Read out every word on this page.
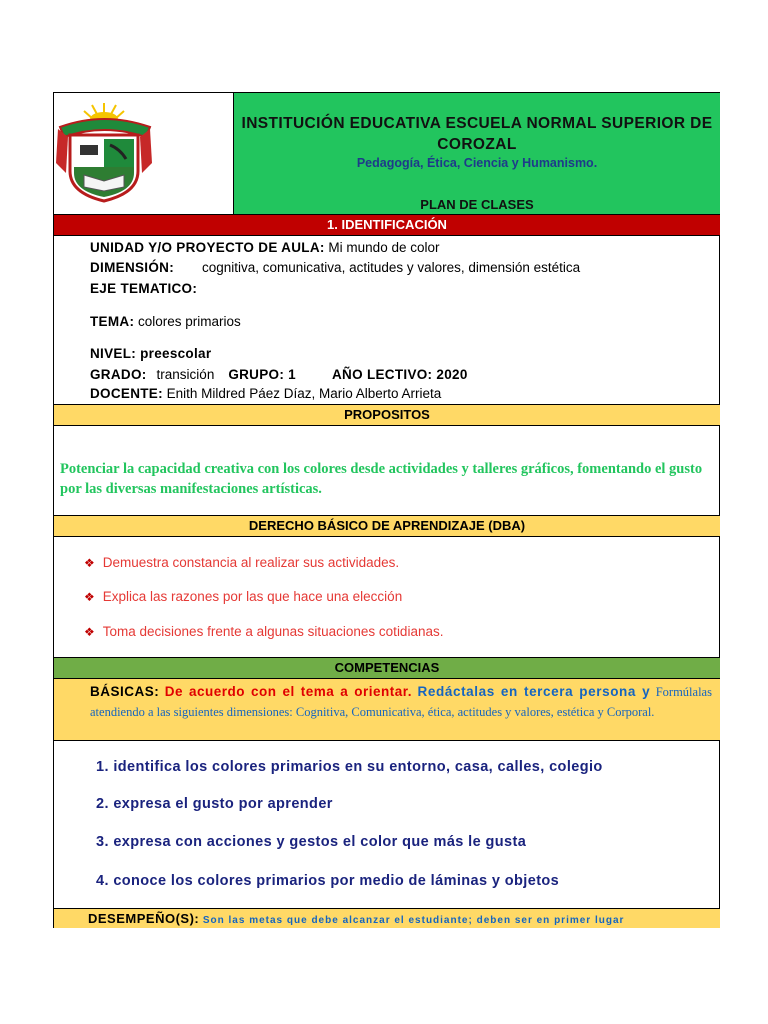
INSTITUCIÓN EDUCATIVA ESCUELA NORMAL SUPERIOR DE COROZAL
Pedagogía, Ética, Ciencia y Humanismo.
PLAN DE CLASES
1. IDENTIFICACIÓN
UNIDAD Y/O PROYECTO DE AULA: Mi mundo de color
DIMENSIÓN: cognitiva, comunicativa, actitudes y valores, dimensión estética
EJE TEMATICO:
TEMA: colores primarios
NIVEL: preescolar
GRADO: transición GRUPO: 1	AÑO LECTIVO: 2020
DOCENTE: Enith Mildred Páez Díaz, Mario Alberto Arrieta
PROPOSITOS
Potenciar la capacidad creativa con los colores desde actividades y talleres gráficos, fomentando el gusto por las diversas manifestaciones artísticas.
DERECHO BÁSICO DE APRENDIZAJE (DBA)
❖ Demuestra constancia al realizar sus actividades.
❖ Explica las razones por las que hace una elección
❖ Toma decisiones frente a algunas situaciones cotidianas.
COMPETENCIAS
BÁSICAS: De acuerdo con el tema a orientar. Redáctalas en tercera persona y Formúlalas atendiendo a las siguientes dimensiones: Cognitiva, Comunicativa, ética, actitudes y valores, estética y Corporal.
1. identifica los colores primarios en su entorno, casa, calles, colegio
2. expresa el gusto por aprender
3. expresa con acciones y gestos el color que más le gusta
4. conoce los colores primarios por medio de láminas y objetos
DESEMPEÑO(S): Son las metas que debe alcanzar el estudiante; deben ser en primer lugar
